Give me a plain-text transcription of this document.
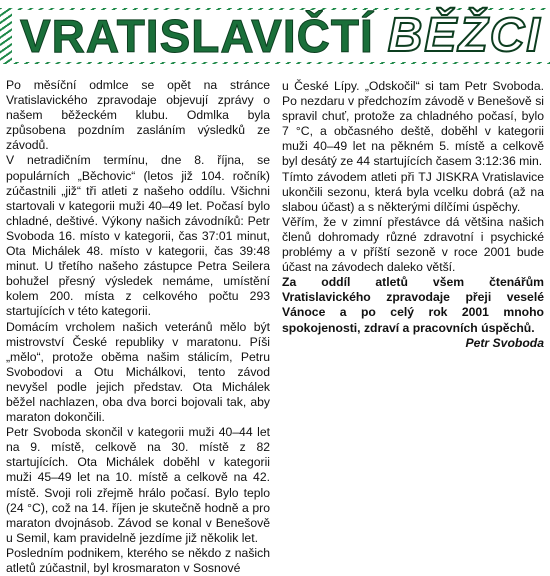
VRATISLAVIČTÍ BĚŽCI

Po měsíční odmlce se opět na stránce Vratislavického zpravodaje objevují zprávy o našem běžeckém klubu. Odmlka byla způsobena pozdním zasláním výsledků ze závodů.

V netradičním termínu, dne 8. října, se populárních „Běchovic“ (letos již 104. ročník) zúčastnili „již“ tři atleti z našeho oddílu. Všichni startovali v kategorii muži 40–49 let. Počasí bylo chladné, deštivé. Výkony našich závodníků: Petr Svoboda 16. místo v kategorii, čas 37:01 minut, Ota Michálek 48. místo v kategorii, čas 39:48 minut. U třetího našeho zástupce Petra Seilera bohužel přesný výsledek nemáme, umístění kolem 200. místa z celkového počtu 293 startujících v této kategorii.

Domácím vrcholem našich veteránů mělo být mistrovství České republiky v maratonu. Píši „mělo“, protože oběma našim stálicím, Petru Svobodovi a Otu Michálkovi, tento závod nevyšel podle jejich představ. Ota Michálek běžel nachlazen, oba dva borci bojovali tak, aby maraton dokončili.

Petr Svoboda skončil v kategorii muži 40–44 let na 9. místě, celkově na 30. místě z 82 startujících. Ota Michálek doběhl v kategorii muži 45–49 let na 10. místě a celkově na 42. místě. Svoji roli zřejmě hrálo počasí. Bylo teplo (24 °C), což na 14. říjen je skutečně hodně a pro maraton dvojnásob. Závod se konal v Benešově u Semil, kam pravidelně jezdíme již několik let.

Posledním podnikem, kterého se někdo z našich atletů zúčastnil, byl krosmaraton v Sosnové

u České Lípy. „Odskočil“ si tam Petr Svoboda. Po nezdaru v předchozím závodě v Benešově si spravil chuť, protože za chladného počasí, bylo 7 °C, a občasného deště, doběhl v kategorii muži 40–49 let na pěkném 5. místě a celkově byl desátý ze 44 startujících časem 3:12:36 min.

Tímto závodem atleti při TJ JISKRA Vratislavice ukončili sezonu, která byla vcelku dobrá (až na slabou účast) a s některými dílčími úspěchy.

Věřím, že v zimní přestávce dá většina našich členů dohromady různé zdravotní i psychické problémy a v příští sezoně v roce 2001 bude účast na závodech daleko větší.

Za oddíl atletů všem čtenářům Vratislavického zpravodaje přeji veselé Vánoce a po celý rok 2001 mnoho spokojenosti, zdraví a pracovních úspěchů.

Petr Svoboda
